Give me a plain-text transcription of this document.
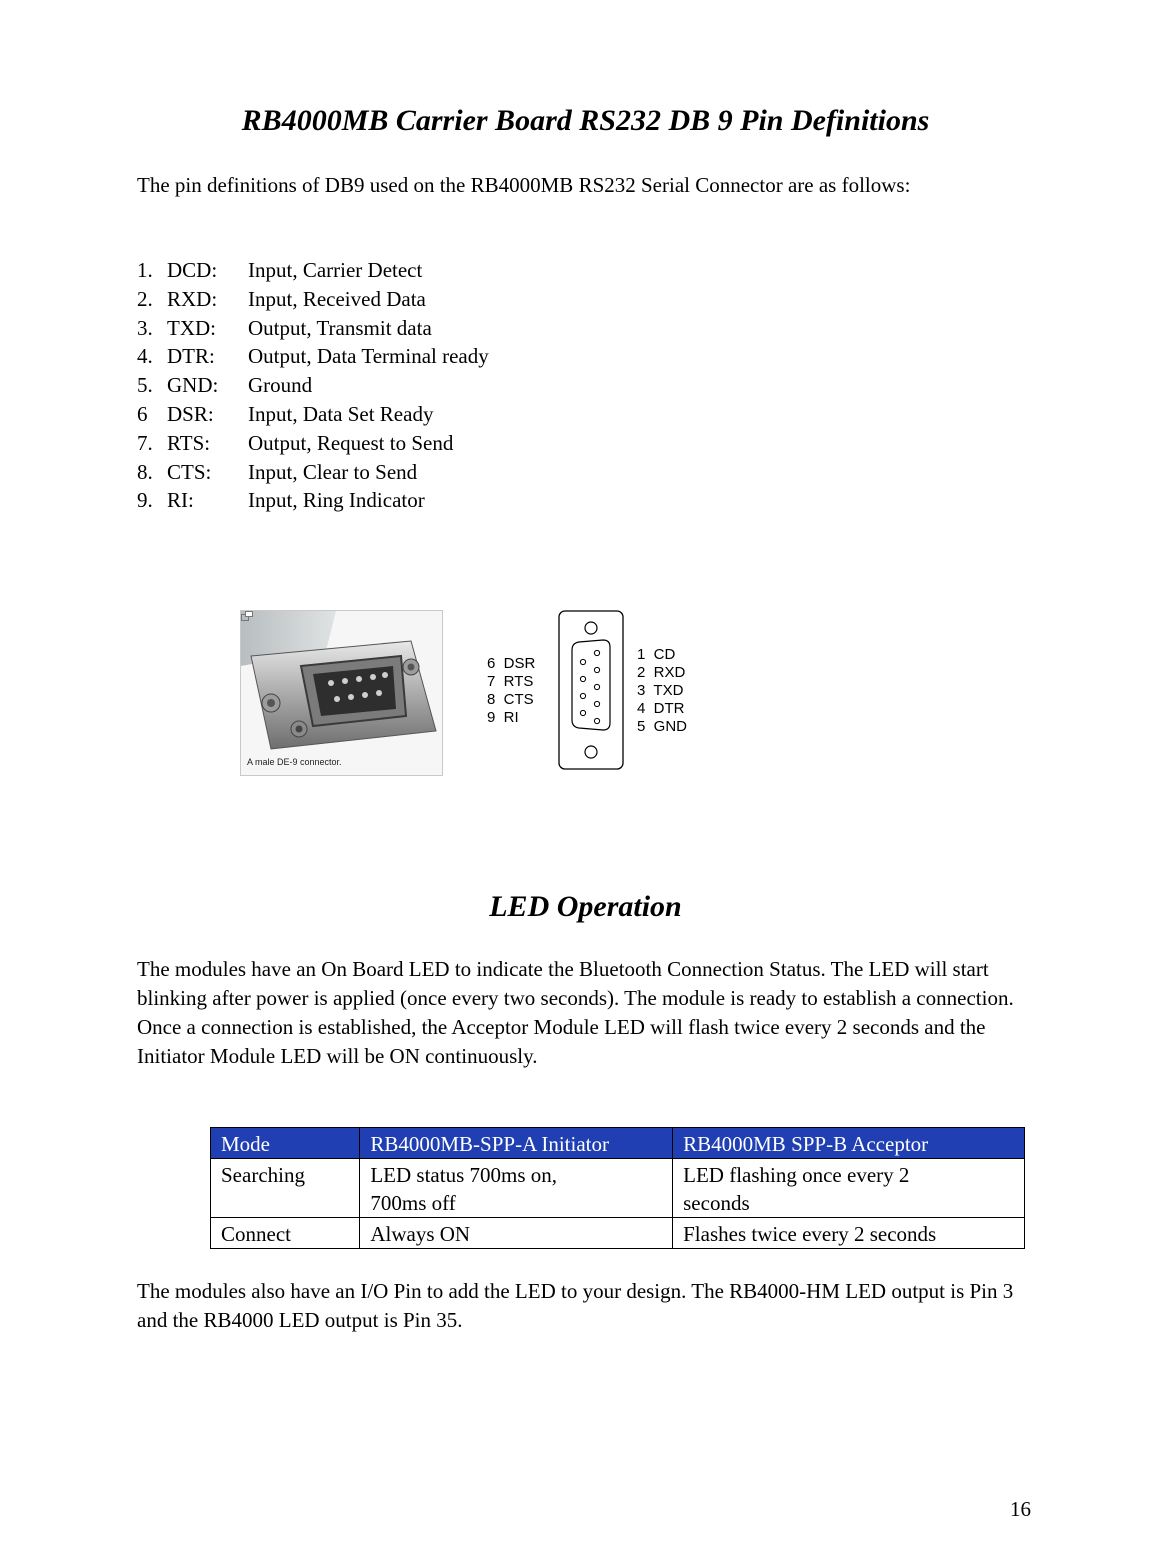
RB4000MB Carrier Board RS232 DB 9 Pin Definitions

The pin definitions of DB9 used on the RB4000MB RS232 Serial Connector are as follows:

1. DCD:	Input, Carrier Detect
2. RXD:	Input, Received Data
3. TXD:	Output, Transmit data
4. DTR:	Output, Data Terminal ready
5. GND:	Ground
6 DSR:	Input, Data Set Ready
7. RTS:	Output, Request to Send
8. CTS:	Input, Clear to Send
9. RI:	Input, Ring Indicator
A male DE-9 connector.
6  DSR
7  RTS
8  CTS
9  RI
1  CD
2  RXD
3  TXD
4  DTR
5  GND
LED Operation

The modules have an On Board LED to indicate the Bluetooth Connection Status. The LED will start blinking after power is applied (once every two seconds). The module is ready to establish a connection. Once a connection is established, the Acceptor Module LED will flash twice every 2 seconds and the Initiator Module LED will be ON continuously.

Mode	RB4000MB-SPP-A Initiator	RB4000MB SPP-B Acceptor
Searching	LED status 700ms on, 700ms off	LED flashing once every 2 seconds
Connect	Always ON	Flashes twice every 2 seconds

The modules also have an I/O Pin to add the LED to your design. The RB4000-HM LED output is Pin 3 and the RB4000 LED output is Pin 35.

16
